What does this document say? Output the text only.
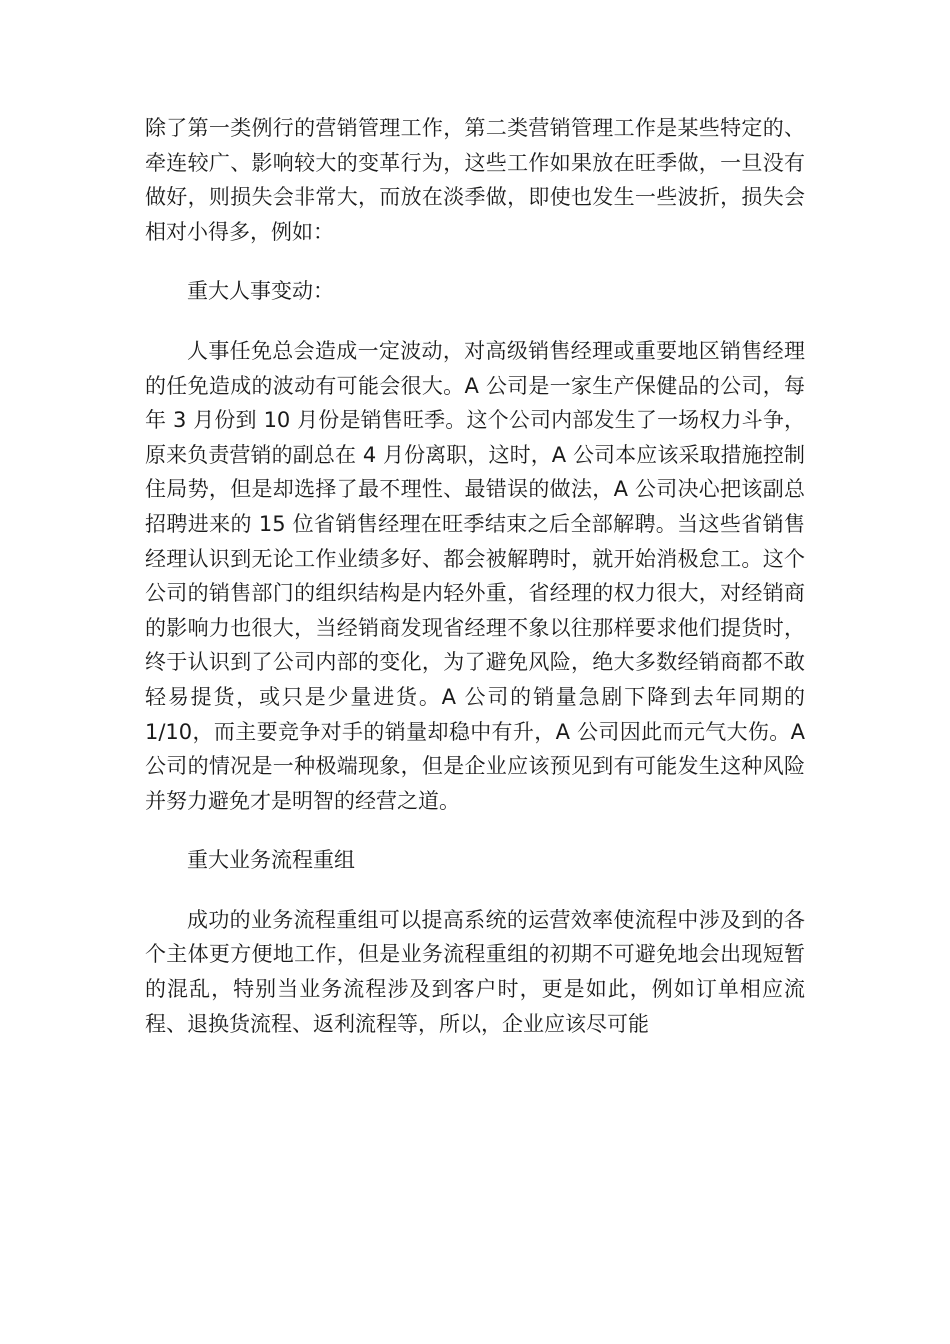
除了第一类例行的营销管理工作，第二类营销管理工作是某些特定的、牵连较广、影响较大的变革行为，这些工作如果放在旺季做，一旦没有做好，则损失会非常大，而放在淡季做，即使也发生一些波折，损失会相对小得多，例如：

重大人事变动：

人事任免总会造成一定波动，对高级销售经理或重要地区销售经理的任免造成的波动有可能会很大。A 公司是一家生产保健品的公司，每年 3 月份到 10 月份是销售旺季。这个公司内部发生了一场权力斗争，原来负责营销的副总在 4 月份离职，这时，A 公司本应该采取措施控制住局势，但是却选择了最不理性、最错误的做法，A 公司决心把该副总招聘进来的 15 位省销售经理在旺季结束之后全部解聘。当这些省销售经理认识到无论工作业绩多好、都会被解聘时，就开始消极怠工。这个公司的销售部门的组织结构是内轻外重，省经理的权力很大，对经销商的影响力也很大，当经销商发现省经理不象以往那样要求他们提货时，终于认识到了公司内部的变化，为了避免风险，绝大多数经销商都不敢轻易提货，或只是少量进货。A 公司的销量急剧下降到去年同期的 1/10，而主要竞争对手的销量却稳中有升，A 公司因此而元气大伤。A 公司的情况是一种极端现象，但是企业应该预见到有可能发生这种风险并努力避免才是明智的经营之道。

重大业务流程重组

成功的业务流程重组可以提高系统的运营效率使流程中涉及到的各个主体更方便地工作，但是业务流程重组的初期不可避免地会出现短暂的混乱，特别当业务流程涉及到客户时，更是如此，例如订单相应流程、退换货流程、返利流程等，所以，企业应该尽可能
